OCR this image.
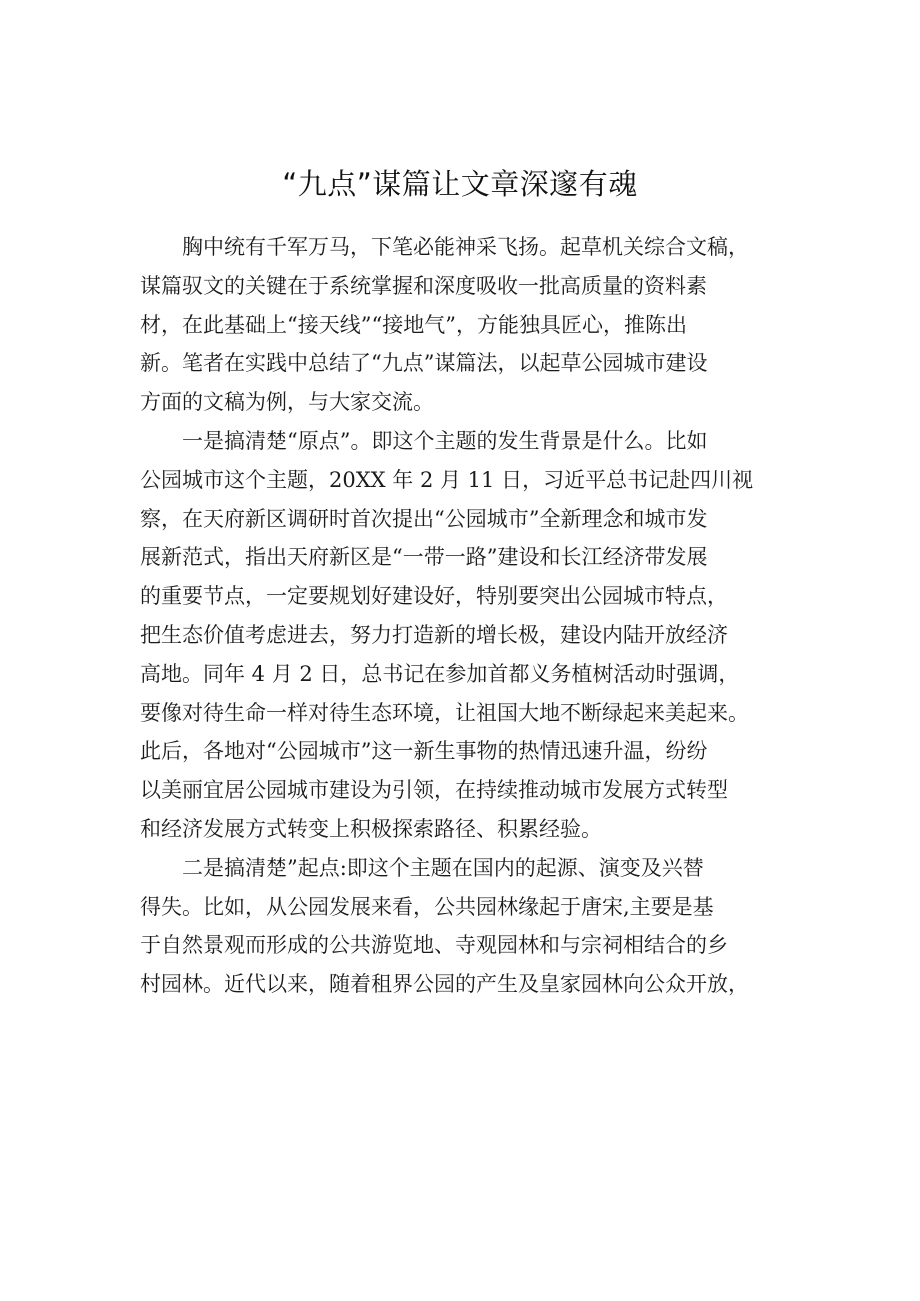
“九点”谋篇让文章深邃有魂
　　胸中统有千军万马，下笔必能神采飞扬。起草机关综合文稿，
谋篇驭文的关键在于系统掌握和深度吸收一批高质量的资料素
材，在此基础上“接天线”“接地气”，方能独具匠心，推陈出
新。笔者在实践中总结了“九点”谋篇法，以起草公园城市建设
方面的文稿为例，与大家交流。
　　一是搞清楚“原点”。即这个主题的发生背景是什么。比如
公园城市这个主题，20XX 年 2 月 11 日，习近平总书记赴四川视
察，在天府新区调研时首次提出“公园城市”全新理念和城市发
展新范式，指出天府新区是“一带一路”建设和长江经济带发展
的重要节点，一定要规划好建设好，特别要突出公园城市特点，
把生态价值考虑进去，努力打造新的增长极，建设内陆开放经济
高地。同年 4 月 2 日，总书记在参加首都义务植树活动时强调，
要像对待生命一样对待生态环境，让祖国大地不断绿起来美起来。
此后，各地对“公园城市”这一新生事物的热情迅速升温，纷纷
以美丽宜居公园城市建设为引领，在持续推动城市发展方式转型
和经济发展方式转变上积极探索路径、积累经验。
　　二是搞清楚”起点:即这个主题在国内的起源、演变及兴替
得失。比如，从公园发展来看，公共园林缘起于唐宋,主要是基
于自然景观而形成的公共游览地、寺观园林和与宗祠相结合的乡
村园林。近代以来，随着租界公园的产生及皇家园林向公众开放，
